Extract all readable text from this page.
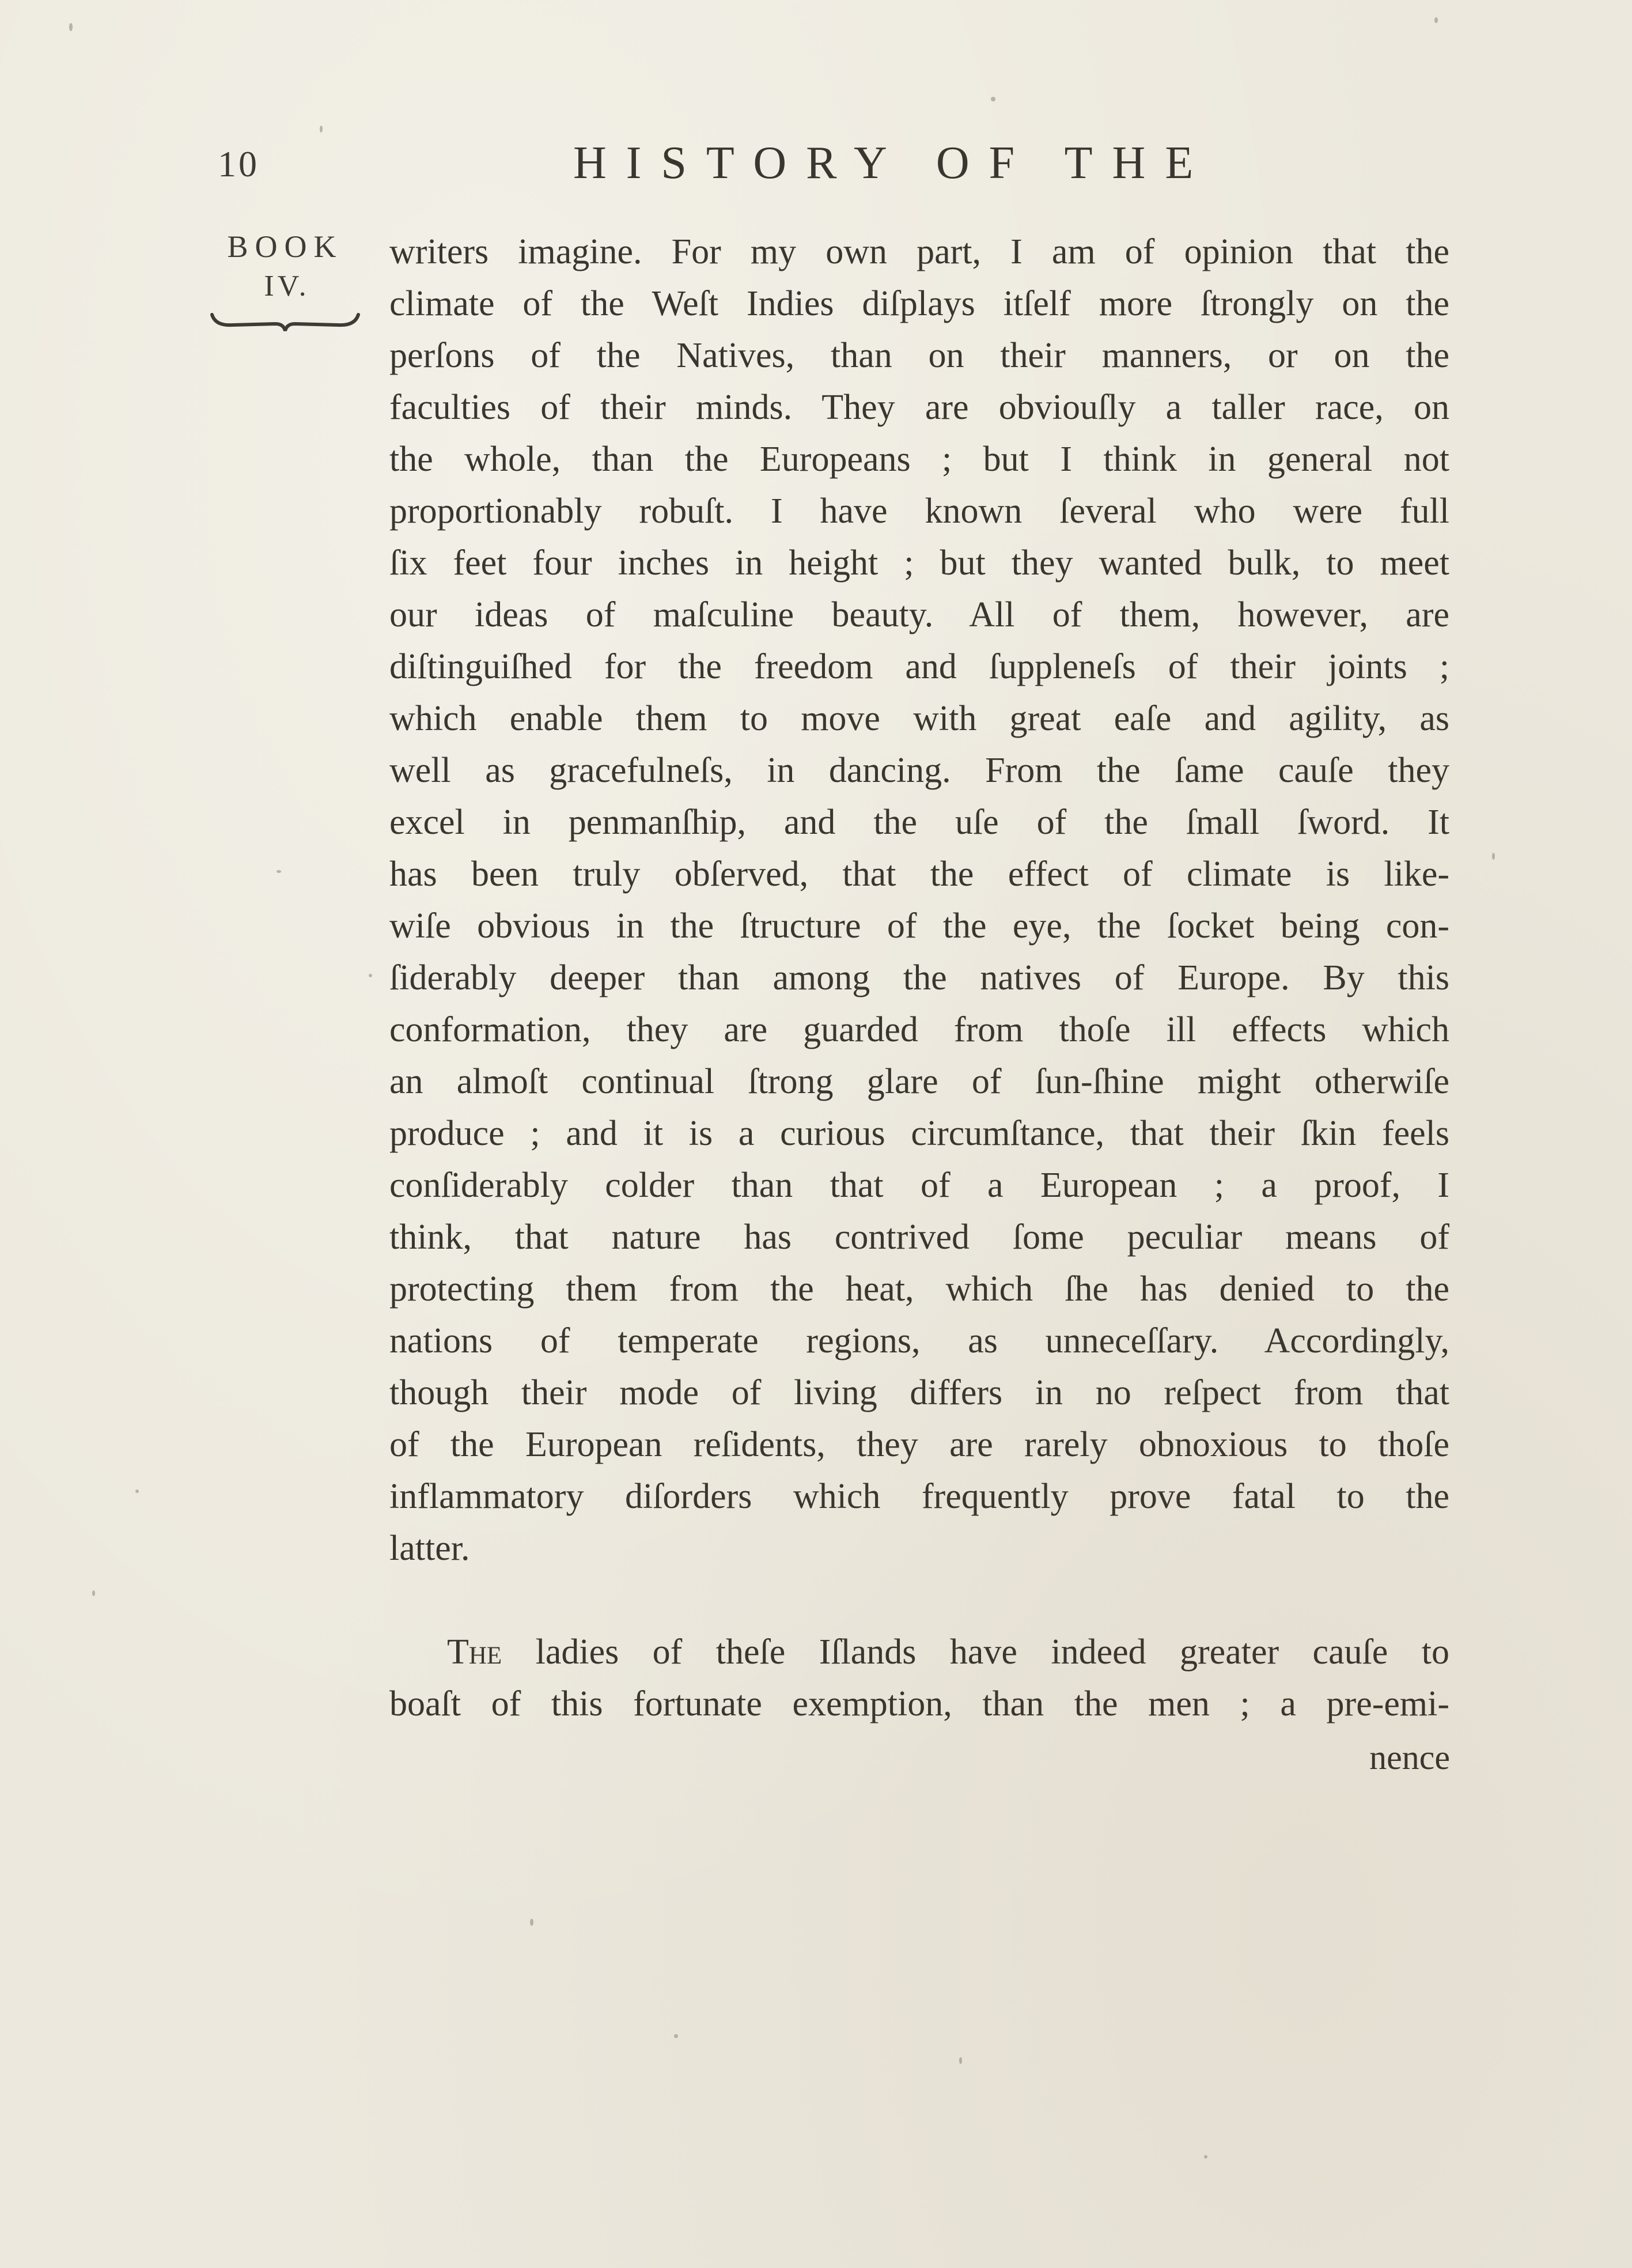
10	HISTORY OF THE
BOOK
IV.
writers imagine. For my own part, I am of opinion that the
climate of the Weſt Indies diſplays itſelf more ſtrongly on the
perſons of the Natives, than on their manners, or on the
faculties of their minds. They are obviouſly a taller race, on
the whole, than the Europeans ; but I think in general not
proportionably robuſt. I have known ſeveral who were full
ſix feet four inches in height ; but they wanted bulk, to meet
our ideas of maſculine beauty. All of them, however, are
diſtinguiſhed for the freedom and ſuppleneſs of their joints ;
which enable them to move with great eaſe and agility, as
well as gracefulneſs, in dancing. From the ſame cauſe they
excel in penmanſhip, and the uſe of the ſmall ſword. It
has been truly obſerved, that the effect of climate is like-
wiſe obvious in the ſtructure of the eye, the ſocket being con-
ſiderably deeper than among the natives of Europe. By this
conformation, they are guarded from thoſe ill effects which
an almoſt continual ſtrong glare of ſun-ſhine might otherwiſe
produce ; and it is a curious circumſtance, that their ſkin feels
conſiderably colder than that of a European ; a proof, I
think, that nature has contrived ſome peculiar means of
protecting them from the heat, which ſhe has denied to the
nations of temperate regions, as unneceſſary. Accordingly,
though their mode of living differs in no reſpect from that
of the European reſidents, they are rarely obnoxious to thoſe
inflammatory diſorders which frequently prove fatal to the
latter.
The ladies of theſe Iſlands have indeed greater cauſe to
boaſt of this fortunate exemption, than the men ; a pre-emi-
nence
